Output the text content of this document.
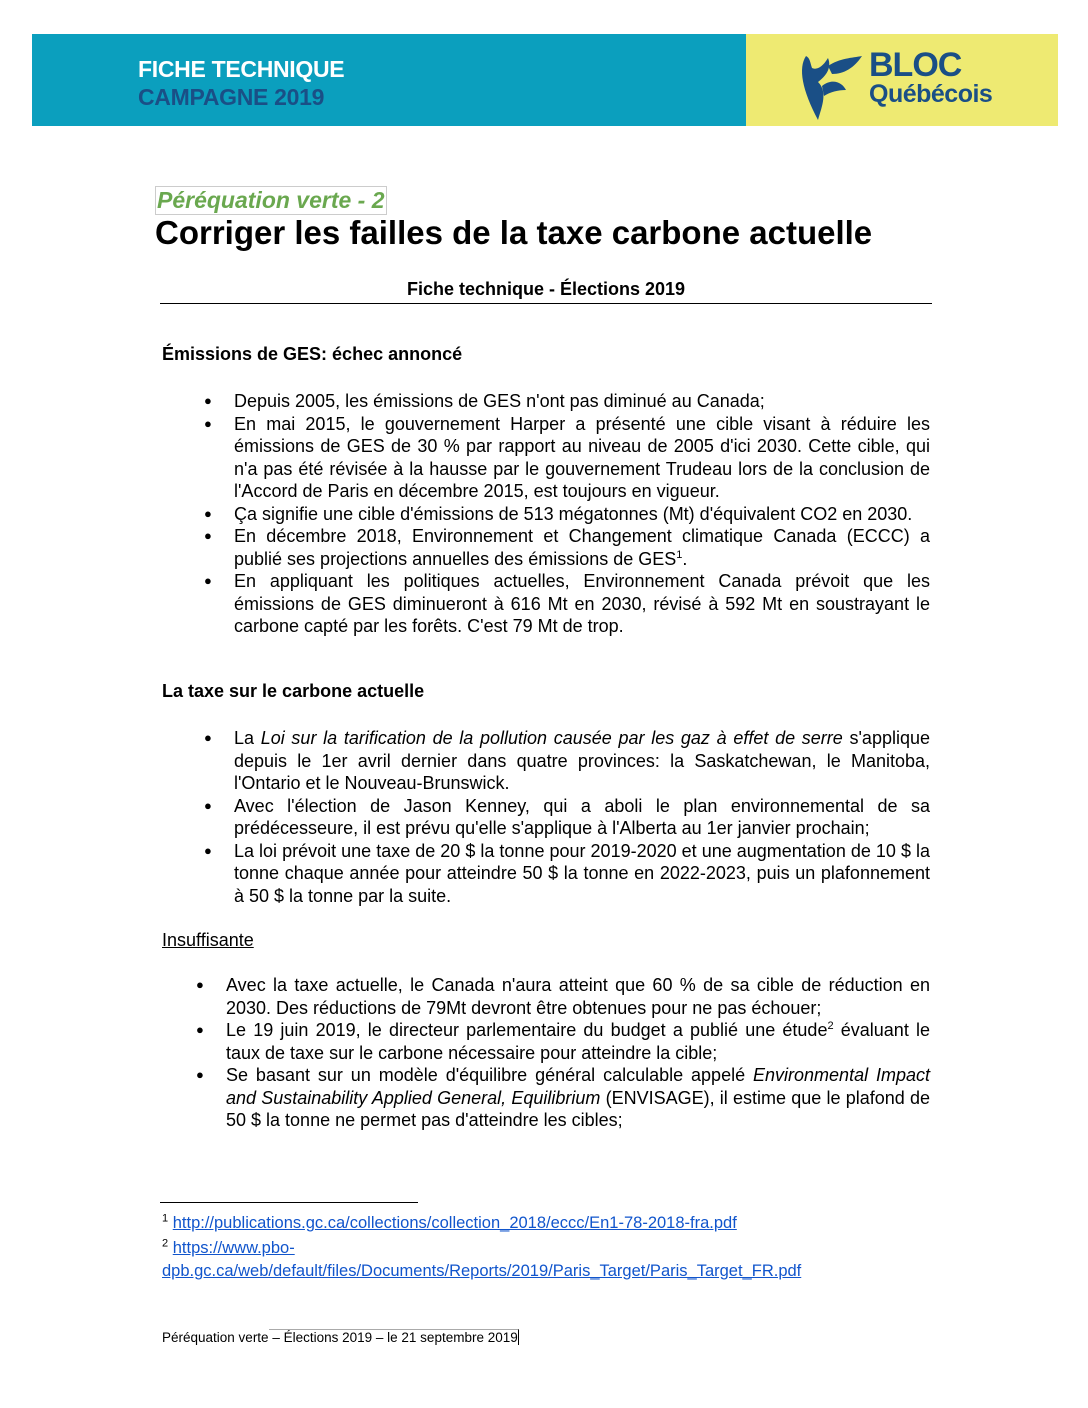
FICHE TECHNIQUE
CAMPAGNE 2019
BLOC
Québécois
Péréquation verte - 2
Corriger les failles de la taxe carbone actuelle
Fiche technique - Élections 2019
Émissions de GES: échec annoncé
● Depuis 2005, les émissions de GES n'ont pas diminué au Canada;
● En mai 2015, le gouvernement Harper a présenté une cible visant à réduire les émissions de GES de 30 % par rapport au niveau de 2005 d'ici 2030. Cette cible, qui n'a pas été révisée à la hausse par le gouvernement Trudeau lors de la conclusion de l'Accord de Paris en décembre 2015, est toujours en vigueur.
● Ça signifie une cible d'émissions de 513 mégatonnes (Mt) d'équivalent CO2 en 2030.
● En décembre 2018, Environnement et Changement climatique Canada (ECCC) a publié ses projections annuelles des émissions de GES$^1$.
● En appliquant les politiques actuelles, Environnement Canada prévoit que les émissions de GES diminueront à 616 Mt en 2030, révisé à 592 Mt en soustrayant le carbone capté par les forêts. C'est 79 Mt de trop.
La taxe sur le carbone actuelle
● La Loi sur la tarification de la pollution causée par les gaz à effet de serre s'applique depuis le 1er avril dernier dans quatre provinces: la Saskatchewan, le Manitoba, l'Ontario et le Nouveau-Brunswick.
● Avec l'élection de Jason Kenney, qui a aboli le plan environnemental de sa prédécesseure, il est prévu qu'elle s'applique à l'Alberta au 1er janvier prochain;
● La loi prévoit une taxe de 20 $ la tonne pour 2019-2020 et une augmentation de 10 $ la tonne chaque année pour atteindre 50 $ la tonne en 2022-2023, puis un plafonnement à 50 $ la tonne par la suite.
Insuffisante
● Avec la taxe actuelle, le Canada n'aura atteint que 60 % de sa cible de réduction en 2030. Des réductions de 79Mt devront être obtenues pour ne pas échouer;
● Le 19 juin 2019, le directeur parlementaire du budget a publié une étude$^2$ évaluant le taux de taxe sur le carbone nécessaire pour atteindre la cible;
● Se basant sur un modèle d'équilibre général calculable appelé Environmental Impact and Sustainability Applied General, Equilibrium (ENVISAGE), il estime que le plafond de 50 $ la tonne ne permet pas d'atteindre les cibles;
$^1$ http://publications.gc.ca/collections/collection_2018/eccc/En1-78-2018-fra.pdf
$^2$ https://www.pbo-
dpb.gc.ca/web/default/files/Documents/Reports/2019/Paris_Target/Paris_Target_FR.pdf
Péréquation verte – Élections 2019 – le 21 septembre 2019
